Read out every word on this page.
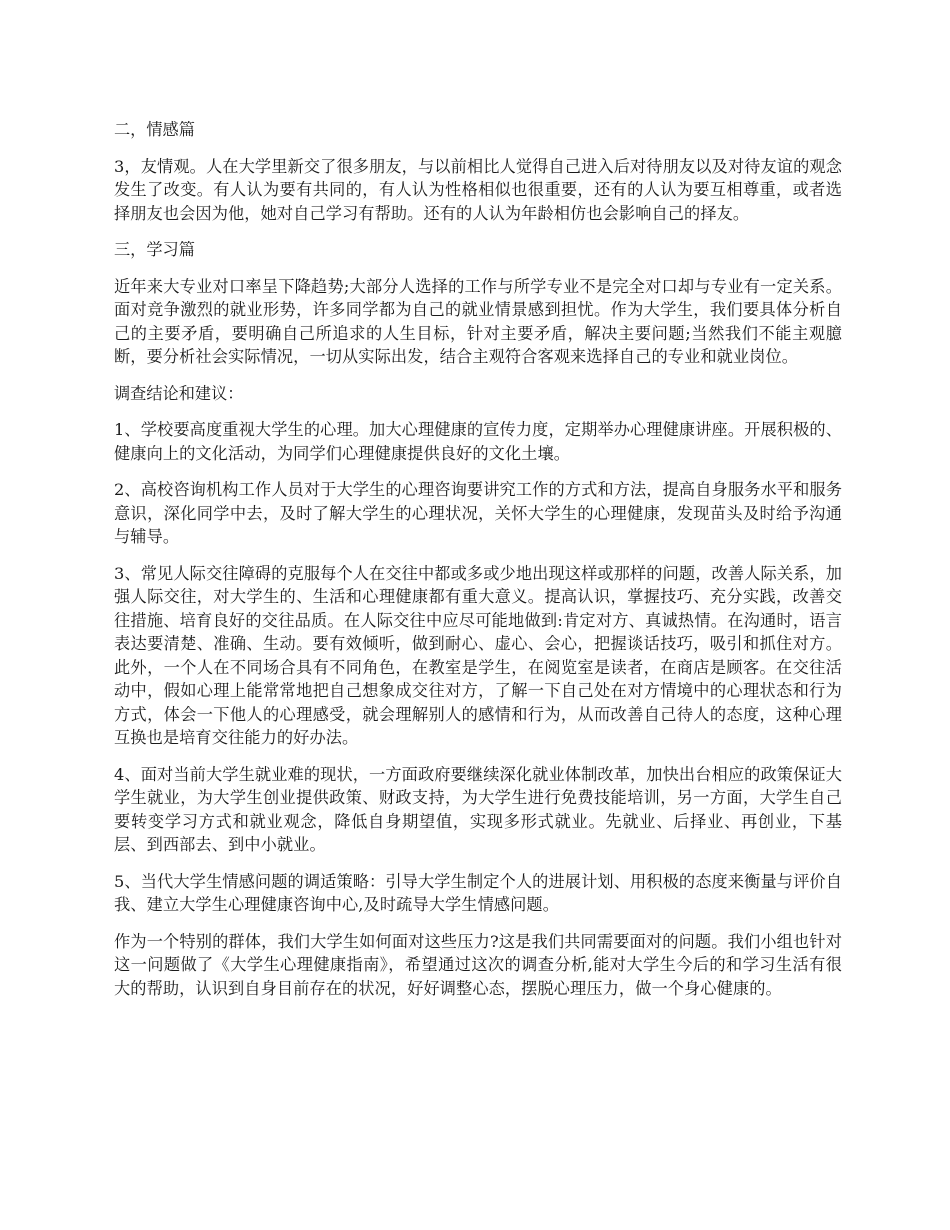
二，情感篇

3，友情观。人在大学里新交了很多朋友，与以前相比人觉得自己进入后对待朋友以及对待友谊的观念发生了改变。有人认为要有共同的，有人认为性格相似也很重要，还有的人认为要互相尊重，或者选择朋友也会因为他，她对自己学习有帮助。还有的人认为年龄相仿也会影响自己的择友。

三，学习篇

近年来大专业对口率呈下降趋势;大部分人选择的工作与所学专业不是完全对口却与专业有一定关系。面对竞争激烈的就业形势，许多同学都为自己的就业情景感到担忧。作为大学生，我们要具体分析自己的主要矛盾，要明确自己所追求的人生目标，针对主要矛盾，解决主要问题;当然我们不能主观臆断，要分析社会实际情况，一切从实际出发，结合主观符合客观来选择自己的专业和就业岗位。

调查结论和建议：

1、学校要高度重视大学生的心理。加大心理健康的宣传力度，定期举办心理健康讲座。开展积极的、健康向上的文化活动，为同学们心理健康提供良好的文化土壤。

2、高校咨询机构工作人员对于大学生的心理咨询要讲究工作的方式和方法，提高自身服务水平和服务意识，深化同学中去，及时了解大学生的心理状况，关怀大学生的心理健康，发现苗头及时给予沟通与辅导。

3、常见人际交往障碍的克服每个人在交往中都或多或少地出现这样或那样的问题，改善人际关系，加强人际交往，对大学生的、生活和心理健康都有重大意义。提高认识，掌握技巧、充分实践，改善交往措施、培育良好的交往品质。在人际交往中应尽可能地做到:肯定对方、真诚热情。在沟通时，语言表达要清楚、准确、生动。要有效倾听，做到耐心、虚心、会心，把握谈话技巧，吸引和抓住对方。此外，一个人在不同场合具有不同角色，在教室是学生，在阅览室是读者，在商店是顾客。在交往活动中，假如心理上能常常地把自己想象成交往对方，了解一下自己处在对方情境中的心理状态和行为方式，体会一下他人的心理感受，就会理解别人的感情和行为，从而改善自己待人的态度，这种心理互换也是培育交往能力的好办法。

4、面对当前大学生就业难的现状，一方面政府要继续深化就业体制改革，加快出台相应的政策保证大学生就业，为大学生创业提供政策、财政支持，为大学生进行免费技能培训，另一方面，大学生自己要转变学习方式和就业观念，降低自身期望值，实现多形式就业。先就业、后择业、再创业，下基层、到西部去、到中小就业。

5、当代大学生情感问题的调适策略：引导大学生制定个人的进展计划、用积极的态度来衡量与评价自我、建立大学生心理健康咨询中心,及时疏导大学生情感问题。

作为一个特别的群体，我们大学生如何面对这些压力?这是我们共同需要面对的问题。我们小组也针对这一问题做了《大学生心理健康指南》，希望通过这次的调查分析,能对大学生今后的和学习生活有很大的帮助，认识到自身目前存在的状况，好好调整心态，摆脱心理压力，做一个身心健康的。
